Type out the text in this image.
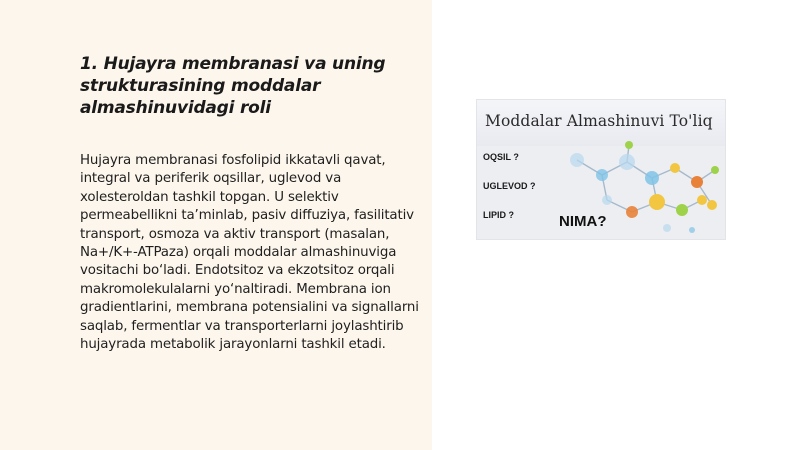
1. Hujayra membranasi va uning strukturasining moddalar almashinuvidagi roli
Hujayra membranasi fosfolipid ikkatavli qavat, integral va periferik oqsillar, uglevod va xolesteroldan tashkil topgan. U selektiv permeabellikni ta’minlab, pasiv diffuziya, fasilitativ transport, osmoza va aktiv transport (masalan, Na+/K+-ATPaza) orqali moddalar almashinuviga vositachi bo‘ladi. Endotsitoz va ekzotsitoz orqali makromolekulalarni yo‘naltiradi. Membrana ion gradientlarini, membrana potensialini va signallarni saqlab, fermentlar va transporterlarni joylashtirib hujayrada metabolik jarayonlarni tashkil etadi.
Moddalar Almashinuvi To'liq
OQSIL ?
UGLEVOD ?
LIPID ?	NIMA?
